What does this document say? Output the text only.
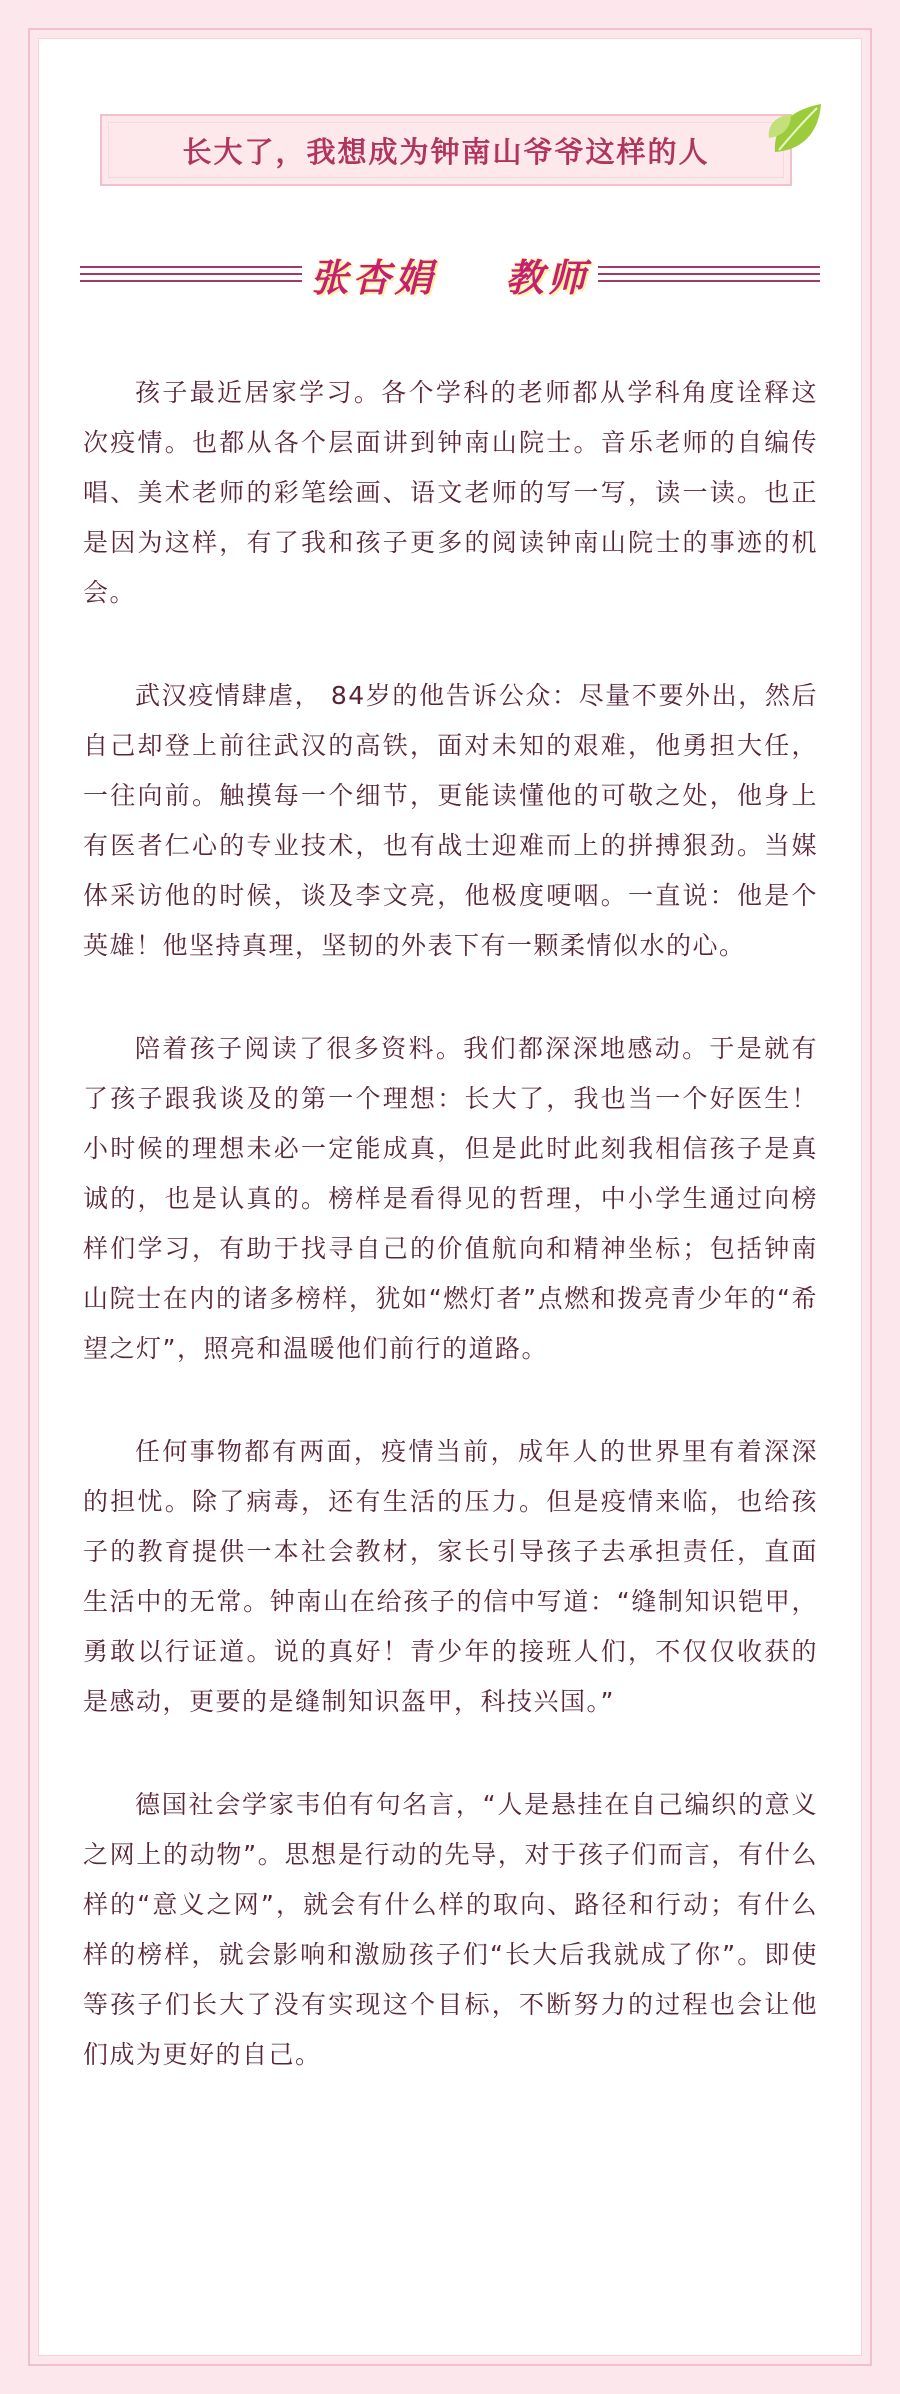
长大了，我想成为钟南山爷爷这样的人
张杏娟    教师

孩子最近居家学习。各个学科的老师都从学科角度诠释这次疫情。也都从各个层面讲到钟南山院士。音乐老师的自编传唱、美术老师的彩笔绘画、语文老师的写一写，读一读。也正是因为这样，有了我和孩子更多的阅读钟南山院士的事迹的机会。

武汉疫情肆虐， 84岁的他告诉公众：尽量不要外出，然后自己却登上前往武汉的高铁，面对未知的艰难，他勇担大任，一往向前。触摸每一个细节，更能读懂他的可敬之处，他身上有医者仁心的专业技术，也有战士迎难而上的拼搏狠劲。当媒体采访他的时候，谈及李文亮，他极度哽咽。一直说：他是个英雄！他坚持真理，坚韧的外表下有一颗柔情似水的心。

陪着孩子阅读了很多资料。我们都深深地感动。于是就有了孩子跟我谈及的第一个理想：长大了，我也当一个好医生！小时候的理想未必一定能成真，但是此时此刻我相信孩子是真诚的，也是认真的。榜样是看得见的哲理，中小学生通过向榜样们学习，有助于找寻自己的价值航向和精神坐标；包括钟南山院士在内的诸多榜样，犹如“燃灯者”点燃和拨亮青少年的“希望之灯”，照亮和温暖他们前行的道路。

任何事物都有两面，疫情当前，成年人的世界里有着深深的担忧。除了病毒，还有生活的压力。但是疫情来临，也给孩子的教育提供一本社会教材，家长引导孩子去承担责任，直面生活中的无常。钟南山在给孩子的信中写道：“缝制知识铠甲，勇敢以行证道。说的真好！青少年的接班人们，不仅仅收获的是感动，更要的是缝制知识盔甲，科技兴国。”

德国社会学家韦伯有句名言，“人是悬挂在自己编织的意义之网上的动物”。思想是行动的先导，对于孩子们而言，有什么样的“意义之网”，就会有什么样的取向、路径和行动；有什么样的榜样，就会影响和激励孩子们“长大后我就成了你”。即使等孩子们长大了没有实现这个目标，不断努力的过程也会让他们成为更好的自己。
